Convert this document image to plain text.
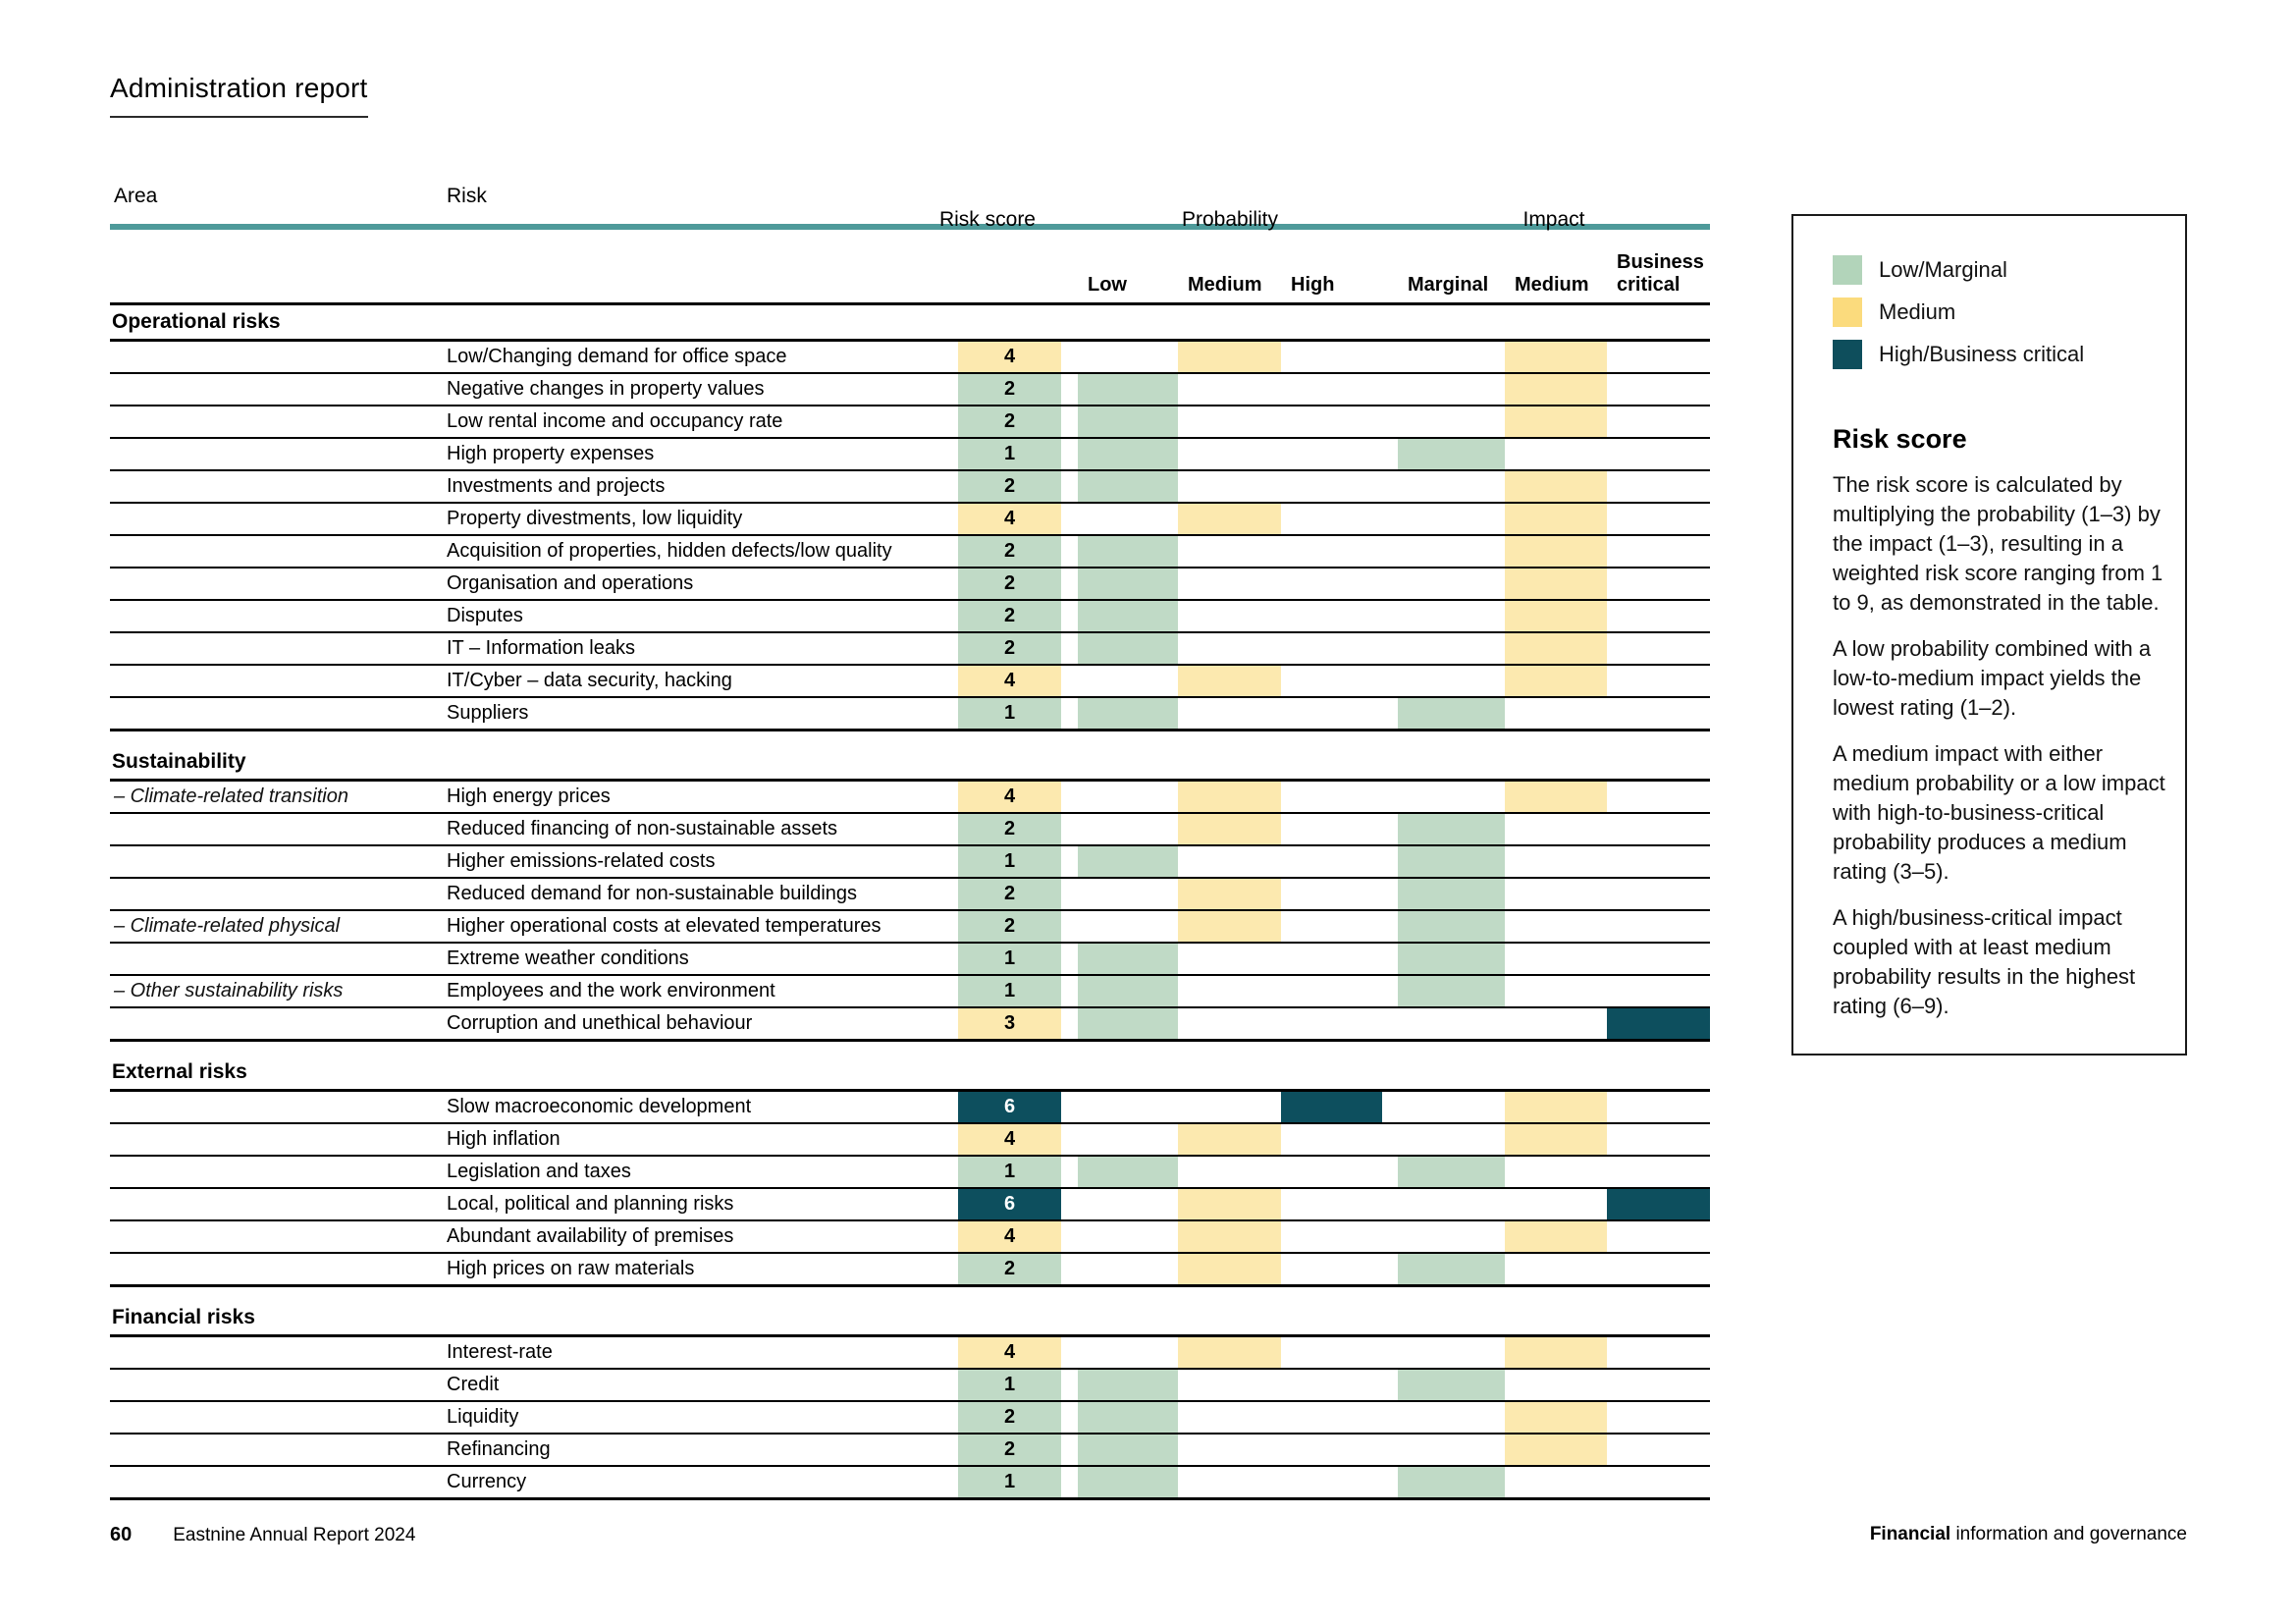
Administration report
Area	Risk
Risk score	Probability	Impact
Low	Medium	High	Marginal	Medium
Business critical
Operational risks
Low/Changing demand for office space	4
Negative changes in property values	2
Low rental income and occupancy rate	2
High property expenses	1
Investments and projects	2
Property divestments, low liquidity	4
Acquisition of properties, hidden defects/low quality	2
Organisation and operations	2
Disputes	2
IT – Information leaks	2
IT/Cyber – data security, hacking	4
Suppliers	1
Sustainability
– Climate-related transition	High energy prices	4
Reduced financing of non-sustainable assets	2
Higher emissions-related costs	1
Reduced demand for non-sustainable buildings	2
– Climate-related physical	Higher operational costs at elevated temperatures	2
Extreme weather conditions	1
– Other sustainability risks	Employees and the work environment	1
Corruption and unethical behaviour	3
External risks
Slow macroeconomic development	6
High inflation	4
Legislation and taxes	1
Local, political and planning risks	6
Abundant availability of premises	4
High prices on raw materials	2
Financial risks
Interest-rate	4
Credit	1
Liquidity	2
Refinancing	2
Currency	1
Low/Marginal
Medium
High/Business critical
Risk score

The risk score is calculated by multiplying the probability (1–3) by the impact (1–3), resulting in a weighted risk score ranging from 1 to 9, as demonstrated in the table.

A low probability combined with a low-to-medium impact yields the lowest rating (1–2).

A medium impact with either medium probability or a low impact with high-to-business-critical probability produces a medium rating (3–5).

A high/business-critical impact coupled with at least medium probability results in the highest rating (6–9).

60 Eastnine Annual Report 2024	Financial information and governance
